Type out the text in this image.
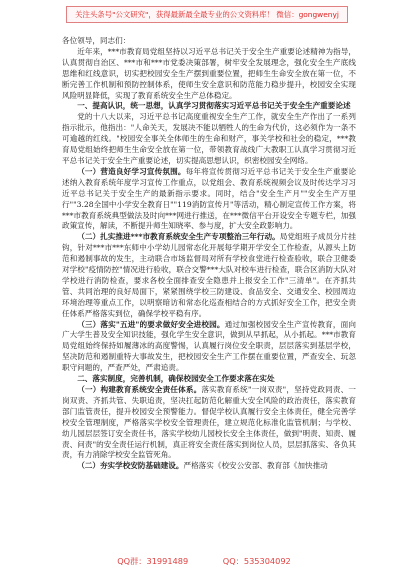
关注头条号"公文研究"，获得最新最全最专业的公文资料库！ 微信：gongwenyj

各位领导，同志们：

近年来，***市教育局党组坚持以习近平总书记关于安全生产重要论述精神为指导，认真贯彻自治区、***市和***市党委决策部署，树牢安全发展理念，强化安全生产底线思维和红线意识，切实把校园安全生产摆到重要位置，把师生生命安全放在第一位，不断完善工作机制和预防控制体系，使师生安全意识和防范能力稳步提升，校园安全实现风险明显降低，实现了教育系统安全生产总体稳定。

一、提高认识，统一思想，认真学习贯彻落实习近平总书记关于安全生产重要论述

党的十八大以来，习近平总书记高度重视安全生产工作，就安全生产作出了一系列指示批示，他指出："人命关天，发展决不能以牺牲人的生命为代价，这必须作为一条不可逾越的红线。"校园安全事关全体师生的生命和财产，事关学校和社会的稳定，***教育局党组始终把师生生命安全放在第一位，带领教育战线广大教职工认真学习贯彻习近平总书记关于安全生产重要论述，切实提高思想认识，织密校园安全网络。

（一）营造良好学习宣传氛围。每年将宣传贯彻习近平总书记关于安全生产重要论述纳入教育系统年度学习宣传工作重点，以党组会、教育系统视频会议及时传达学习习近平总书记关于安全生产的最新指示要求。同时，结合"安全生产月""安全生产万里行""3.28全国中小学安全教育日""119消防宣传月"等活动，精心制定宣传工作方案，将***市教育系统典型做法及时向***网进行推送，在***微信平台开设安全专题专栏，加强政策宣传，解读，不断提升师生知晓率、参与度，扩大安全政影响力。

（二）扎实推进***市教育系统安全生产专项整治三年行动。局党组班子成员分片挂钩，针对***市***东师中小学幼儿园常态化开展每学期开学安全工作检查，从源头上防范和遏制事故的发生，主动联合市场监督局对所有学校食堂进行检查验收，联合卫健委对学校"疫情防控"情况进行验收，联合交警***大队对校车进行检查，联合区消防大队对学校进行消防检查，要求各校全面排查安全隐患并上报安全工作"三清单"。在齐抓共管、共同治理的良好局面下，紧紧围绕学校三防建设、食品安全、交通安全、校园周边环境治理等重点工作，以明察暗访和常态化巡查相结合的方式抓好安全工作，把安全责任体系严格落实到位，确保学校平稳有序。

（三）落实"五进"的要求做好安全进校园。通过加强校园安全生产宣传教育，面向广大学生普及安全知识技能，强化学生安全意识，做到从早抓起，从小抓起。***市教育局党组始终保持如履薄冰的高度警惕，认真履行岗位安全职责，层层落实到基层学校，坚决防范和遏制重特大事故发生，把校园安全生产工作摆在重要位置，严查安全、玩忽职守问题的，严查严处，严肃追责。

二、落实制度，完善机制，确保校园安全工作要求落在实处

（一）构建教育系统安全责任体系。落实教育系统"一岗双责"，坚持党政同责、一岗双责、齐抓共管、失职追责，坚决扛起防范化解重大安全风险的政治责任，落实教育部门监管责任，提升校园安全预警能力。督促学校认真履行安全主体责任，健全完善学校安全管理制度，严格落实学校安全管理责任，建立规范化标准化监管机制；与学校、幼儿园层层签订安全责任书，落实学校幼儿园校长安全主体责任，做到"明责、知责、履责、问责"的安全责任运行机制，真正将安全责任落实到岗位人员，层层抓落实、各负其责，有力消除学校安全监管死角。

（二）夯实学校安防基础建设。严格落实《校安公安部、教育部《加快推动

QQ群：31991489	QQ：535304092
